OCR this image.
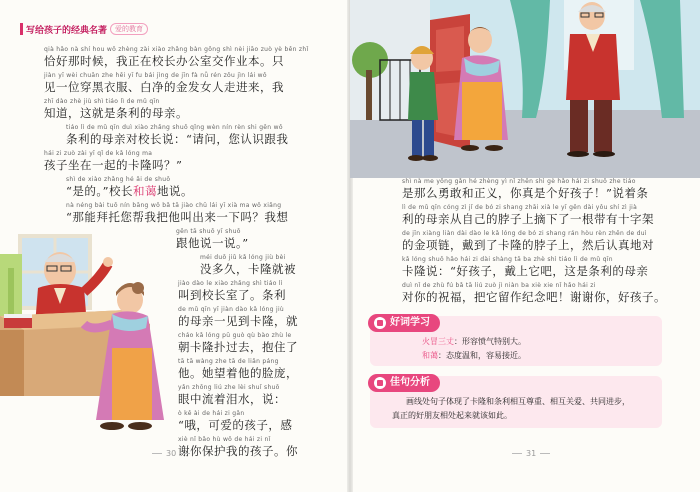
写给孩子的经典名著	爱的教育
qià hǎo nà shí hou wǒ zhèng zài xiào zhǎng bàn gōng shì nèi jiāo zuò yè běn zhǐ
恰好那时候，我正在校长办公室交作业本。只
jiàn yī wèi chuān zhe hēi yī fu bái jìng de jīn fà nǚ rén zǒu jìn lái wǒ
见一位穿黑衣服、白净的金发女人走进来，我
zhī dào zhè jiù shì tiáo lì de mǔ qīn
知道，这就是条利的母亲。
tiáo lì de mǔ qīn duì xiào zhǎng shuō qǐng wèn nín rèn shi gēn wǒ
条利的母亲对校长说：“请问，您认识跟我
hái zi zuò zài yī qǐ de kǎ lóng ma
孩子坐在一起的卡隆吗？”
shì de xiào zhǎng hé ǎi de shuō
“是的。”校长和蔼地说。
nà néng bài tuō nín bāng wǒ bǎ tā jiào chū lái yī xià ma wǒ xiǎng
“那能拜托您帮我把他叫出来一下吗？我想
gēn tā shuō yī shuō
跟他说一说。”
méi duō jiǔ kǎ lóng jiù bèi
没多久，卡隆就被
jiào dào le xiào zhǎng shì tiáo lì
叫到校长室了。条利
de mǔ qīn yī jiàn dào kǎ lóng jiù
的母亲一见到卡隆，就
cháo kǎ lóng pū guò qù bào zhù le
朝卡隆扑过去，抱住了
tā tā wàng zhe tā de liǎn páng
他。她望着他的脸庞，
yǎn zhōng liú zhe lèi shuǐ shuō
眼中流着泪水，说：
ò kě ài de hái zi gǎn
“哦，可爱的孩子，感
xiè nǐ bǎo hù wǒ de hái zi nǐ
谢你保护我的孩子。你
30
shì nà me yǒng gǎn hé zhèng yì nǐ zhēn shì gè hǎo hái zi shuō zhe tiáo
是那么勇敢和正义，你真是个好孩子！”说着条
lì de mǔ qīn cóng zì jǐ de bó zi shang zhāi xià le yī gēn dài yǒu shí zì jià
利的母亲从自己的脖子上摘下了一根带有十字架
de jīn xiàng liàn dài dào le kǎ lóng de bó zi shang rán hòu rèn zhēn de duì
的金项链，戴到了卡隆的脖子上，然后认真地对
kǎ lóng shuō hǎo hái zi dài shàng tā ba zhè shì tiáo lì de mǔ qīn
卡隆说：“好孩子，戴上它吧，这是条利的母亲
duì nǐ de zhù fú bǎ tā liú zuò jì niàn ba xiè xie nǐ hǎo hái zi
对你的祝福，把它留作纪念吧！谢谢你，好孩子。
好词学习
火冒三丈：形容愤气特别大。
和蔼：态度温和，容易接近。
佳句分析
画线处句子体现了卡隆和条利相互尊重、相互关爱、共同进步，
真正的好朋友相处起来就该如此。
31
